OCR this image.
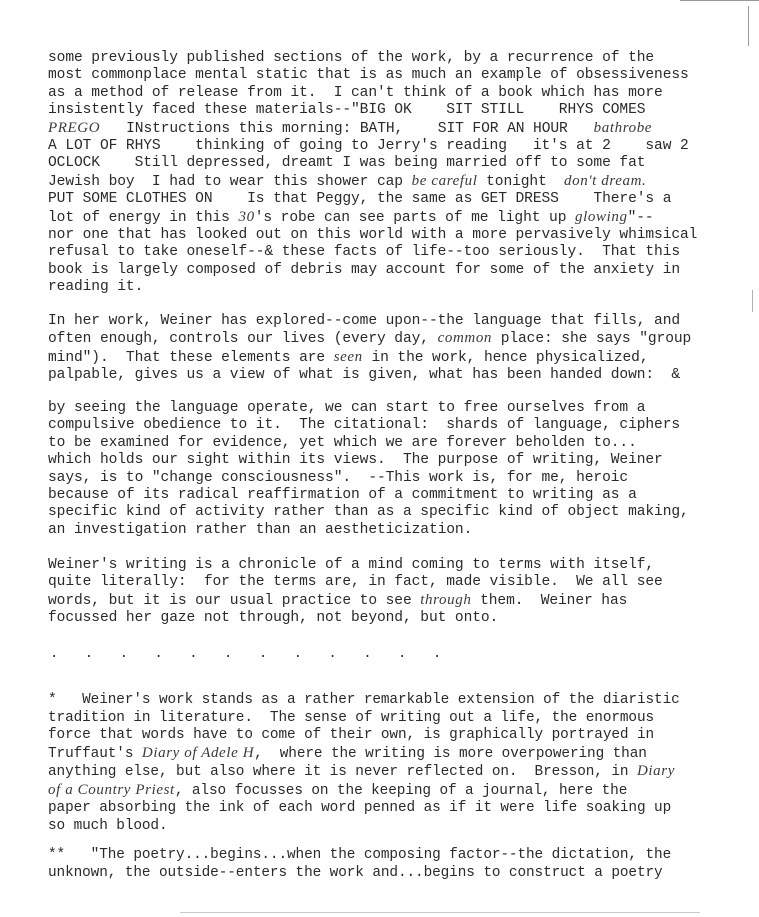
some previously published sections of the work, by a recurrence of the
most commonplace mental static that is as much an example of obsessiveness
as a method of release from it.  I can't think of a book which has more
insistently faced these materials--"BIG OK    SIT STILL    RHYS COMES
PREGO   INstructions this morning: BATH,    SIT FOR AN HOUR   bathrobe
A LOT OF RHYS    thinking of going to Jerry's reading   it's at 2    saw 2
OCLOCK    Still depressed, dreamt I was being married off to some fat
Jewish boy  I had to wear this shower cap be careful tonight  don't dream.
PUT SOME CLOTHES ON    Is that Peggy, the same as GET DRESS    There's a
lot of energy in this 30's robe can see parts of me light up glowing"--
nor one that has looked out on this world with a more pervasively whimsical
refusal to take oneself--& these facts of life--too seriously.  That this
book is largely composed of debris may account for some of the anxiety in
reading it.
In her work, Weiner has explored--come upon--the language that fills, and
often enough, controls our lives (every day, common place: she says "group
mind").  That these elements are seen in the work, hence physicalized,
palpable, gives us a view of what is given, what has been handed down:  &
by seeing the language operate, we can start to free ourselves from a
compulsive obedience to it.  The citational:  shards of language, ciphers
to be examined for evidence, yet which we are forever beholden to...
which holds our sight within its views.  The purpose of writing, Weiner
says, is to "change consciousness".  --This work is, for me, heroic
because of its radical reaffirmation of a commitment to writing as a
specific kind of activity rather than as a specific kind of object making,
an investigation rather than an aestheticization.
Weiner's writing is a chronicle of a mind coming to terms with itself,
quite literally:  for the terms are, in fact, made visible.  We all see
words, but it is our usual practice to see through them.  Weiner has
focussed her gaze not through, not beyond, but onto.
. . . . . . . . . . . .
*   Weiner's work stands as a rather remarkable extension of the diaristic
tradition in literature.  The sense of writing out a life, the enormous
force that words have to come of their own, is graphically portrayed in
Truffaut's Diary of Adele H,  where the writing is more overpowering than
anything else, but also where it is never reflected on.  Bresson, in Diary
of a Country Priest, also focusses on the keeping of a journal, here the
paper absorbing the ink of each word penned as if it were life soaking up
so much blood.
**   "The poetry...begins...when the composing factor--the dictation, the
unknown, the outside--enters the work and...begins to construct a poetry
